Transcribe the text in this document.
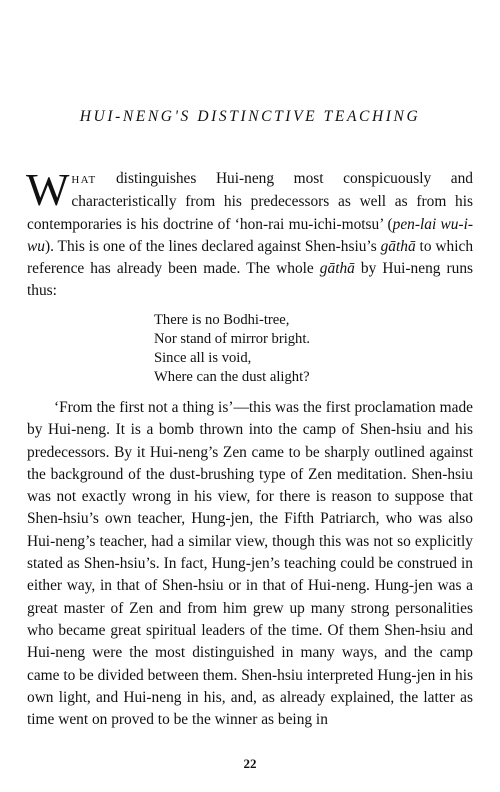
HUI-NENG'S DISTINCTIVE TEACHING

WHAT distinguishes Hui-neng most conspicuously and characteristically from his predecessors as well as from his contemporaries is his doctrine of ‘hon-rai mu-ichi-motsu’ (pen-lai wu-i-wu). This is one of the lines declared against Shen-hsiu’s gāthā to which reference has already been made. The whole gāthā by Hui-neng runs thus:

There is no Bodhi-tree,
Nor stand of mirror bright.
Since all is void,
Where can the dust alight?

‘From the first not a thing is’—this was the first proclamation made by Hui-neng. It is a bomb thrown into the camp of Shen-hsiu and his predecessors. By it Hui-neng’s Zen came to be sharply outlined against the background of the dust-brushing type of Zen meditation. Shen-hsiu was not exactly wrong in his view, for there is reason to suppose that Shen-hsiu’s own teacher, Hung-jen, the Fifth Patriarch, who was also Hui-neng’s teacher, had a similar view, though this was not so explicitly stated as Shen-hsiu’s. In fact, Hung-jen’s teaching could be construed in either way, in that of Shen-hsiu or in that of Hui-neng. Hung-jen was a great master of Zen and from him grew up many strong personalities who became great spiritual leaders of the time. Of them Shen-hsiu and Hui-neng were the most distinguished in many ways, and the camp came to be divided between them. Shen-hsiu interpreted Hung-jen in his own light, and Hui-neng in his, and, as already explained, the latter as time went on proved to be the winner as being in

22
